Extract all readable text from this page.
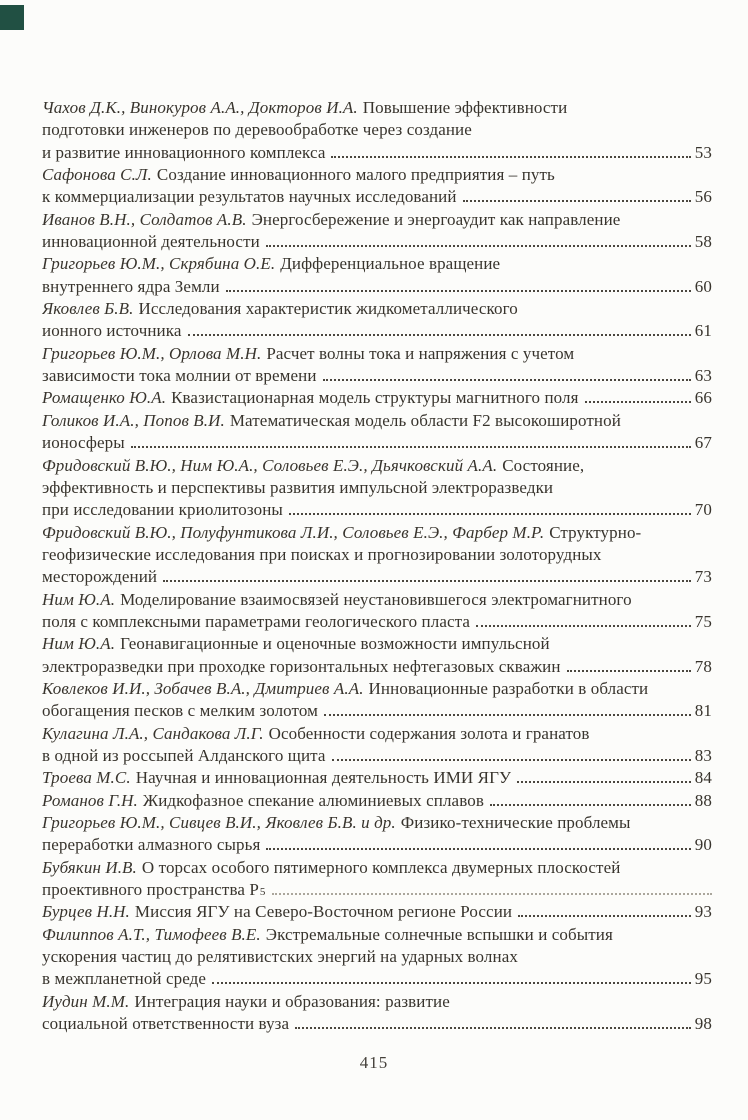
Чахов Д.К., Винокуров А.А., Докторов И.А. Повышение эффективности
подготовки инженеров по деревообработке через создание
и развитие инновационного комплекса	53
Сафонова С.Л. Создание инновационного малого предприятия – путь
к коммерциализации результатов научных исследований	56
Иванов В.Н., Солдатов А.В. Энергосбережение и энергоаудит как направление
инновационной деятельности	58
Григорьев Ю.М., Скрябина О.Е. Дифференциальное вращение
внутреннего ядра Земли	60
Яковлев Б.В. Исследования характеристик жидкометаллического
ионного источника	61
Григорьев Ю.М., Орлова М.Н. Расчет волны тока и напряжения с учетом
зависимости тока молнии от времени	63
Ромащенко Ю.А. Квазистационарная модель структуры магнитного поля	66
Голиков И.А., Попов В.И. Математическая модель области F2 высокоширотной
ионосферы	67
Фридовский В.Ю., Ним Ю.А., Соловьев Е.Э., Дьячковский А.А. Состояние,
эффективность и перспективы развития импульсной электроразведки
при исследовании криолитозоны	70
Фридовский В.Ю., Полуфунтикова Л.И., Соловьев Е.Э., Фарбер М.Р. Структурно-
геофизические исследования при поисках и прогнозировании золоторудных
месторождений	73
Ним Ю.А. Моделирование взаимосвязей неустановившегося электромагнитного
поля с комплексными параметрами геологического пласта	75
Ним Ю.А. Геонавигационные и оценочные возможности импульсной
электроразведки при проходке горизонтальных нефтегазовых скважин	78
Ковлеков И.И., Зобачев В.А., Дмитриев А.А. Инновационные разработки в области
обогащения песков с мелким золотом	81
Кулагина Л.А., Сандакова Л.Г. Особенности содержания золота и гранатов
в одной из россыпей Алданского щита	83
Троева М.С. Научная и инновационная деятельность ИМИ ЯГУ	84
Романов Г.Н. Жидкофазное спекание алюминиевых сплавов	88
Григорьев Ю.М., Сивцев В.И., Яковлев Б.В. и др. Физико-технические проблемы
переработки алмазного сырья	90
Бубякин И.В. О торсах особого пятимерного комплекса двумерных плоскостей
проективного пространства P 5
Бурцев Н.Н. Миссия ЯГУ на Северо-Восточном регионе России	93
Филиппов А.Т., Тимофеев В.Е. Экстремальные солнечные вспышки и события
ускорения частиц до релятивистских энергий на ударных волнах
в межпланетной среде	95
Иудин М.М. Интеграция науки и образования: развитие
социальной ответственности вуза	98
415
